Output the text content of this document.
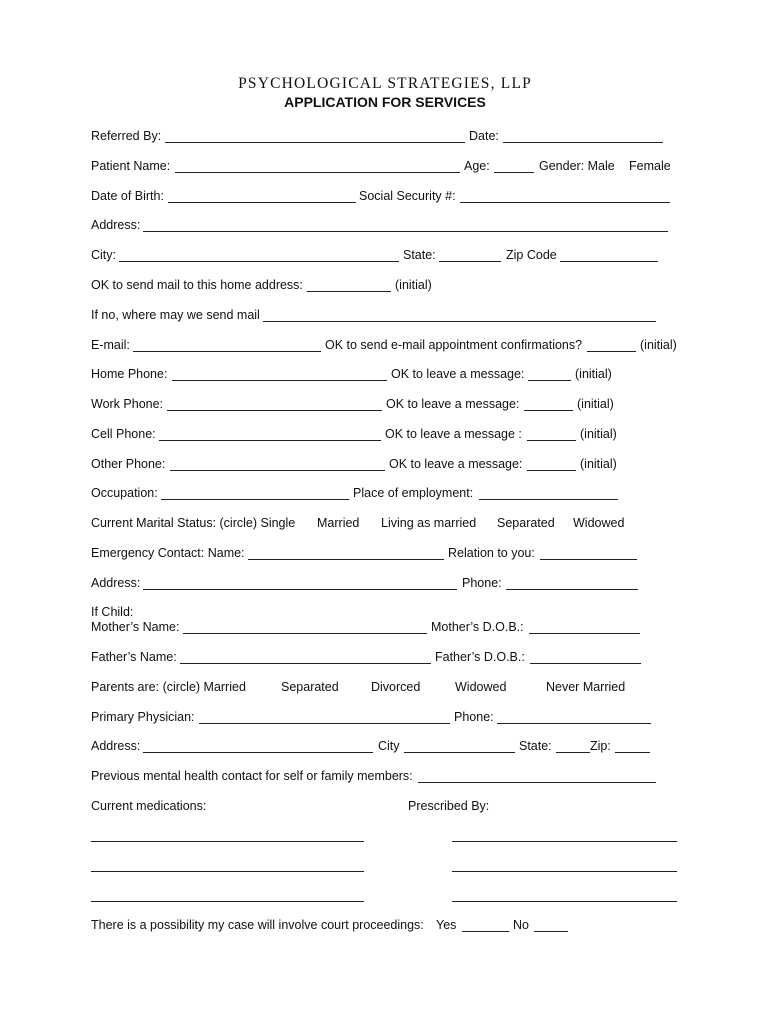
PSYCHOLOGICAL STRATEGIES, LLP
APPLICATION FOR SERVICES
Referred By:	Date:
Patient Name:	Age:	Gender: Male Female
Date of Birth:	Social Security #:
Address:
City:	State:	Zip Code
OK to send mail to this home address:	(initial)
If no, where may we send mail
E-mail:	OK to send e-mail appointment confirmations?	(initial)
Home Phone:	OK to leave a message:	(initial)
Work Phone:	OK to leave a message:	(initial)
Cell Phone:	OK to leave a message :	(initial)
Other Phone:	OK to leave a message:	(initial)
Occupation:	Place of employment:
Current Marital Status: (circle) Single Married Living as married Separated Widowed
Emergency Contact: Name:	Relation to you:
Address:	Phone:
If Child:
Mother’s Name:	Mother’s D.O.B.:
Father’s Name:	Father’s D.O.B.:
Parents are: (circle) Married	Separated	Divorced	Widowed	Never Married
Primary Physician:	Phone:
Address:	City	State:	Zip:
Previous mental health contact for self or family members:
Current medications:	Prescribed By:
There is a possibility my case will involve court proceedings: Yes	No
